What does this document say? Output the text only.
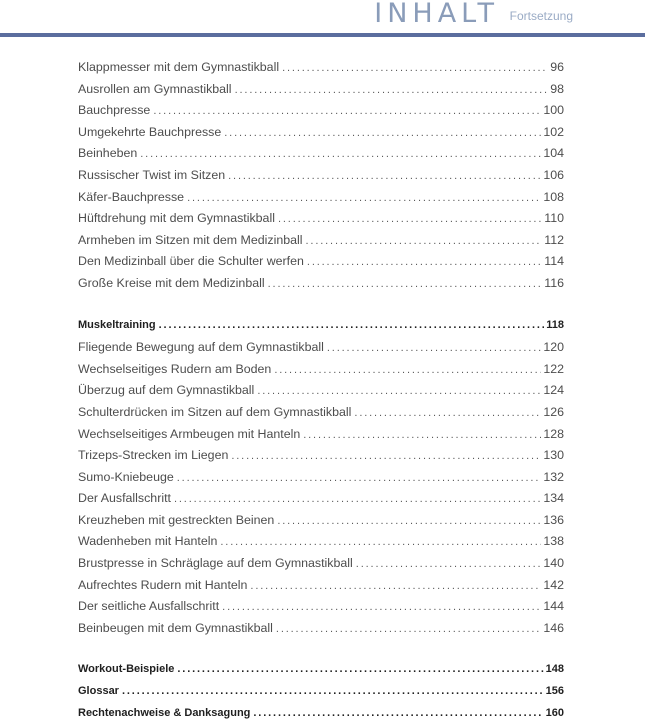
INHALT Fortsetzung
Klappmesser mit dem Gymnastikball . . .	96
Ausrollen am Gymnastikball . . .	98
Bauchpresse . . .	100
Umgekehrte Bauchpresse . . .	102
Beinheben . . .	104
Russischer Twist im Sitzen . . .	106
Käfer-Bauchpresse . . .	108
Hüftdrehung mit dem Gymnastikball . . .	110
Armheben im Sitzen mit dem Medizinball . . .	112
Den Medizinball über die Schulter werfen . . .	114
Große Kreise mit dem Medizinball . . .	116
Muskeltraining . . .	118
Fliegende Bewegung auf dem Gymnastikball . . .	120
Wechselseitiges Rudern am Boden . . .	122
Überzug auf dem Gymnastikball . . .	124
Schulterdrücken im Sitzen auf dem Gymnastikball . . .	126
Wechselseitiges Armbeugen mit Hanteln . . .	128
Trizeps-Strecken im Liegen . . .	130
Sumo-Kniebeuge . . .	132
Der Ausfallschritt . . .	134
Kreuzheben mit gestreckten Beinen . . .	136
Wadenheben mit Hanteln . . .	138
Brustpresse in Schräglage auf dem Gymnastikball . . .	140
Aufrechtes Rudern mit Hanteln . . .	142
Der seitliche Ausfallschritt . . .	144
Beinbeugen mit dem Gymnastikball . . .	146
Workout-Beispiele . . .	148
Glossar . . .	156
Rechtenachweise & Danksagung . . .	160
